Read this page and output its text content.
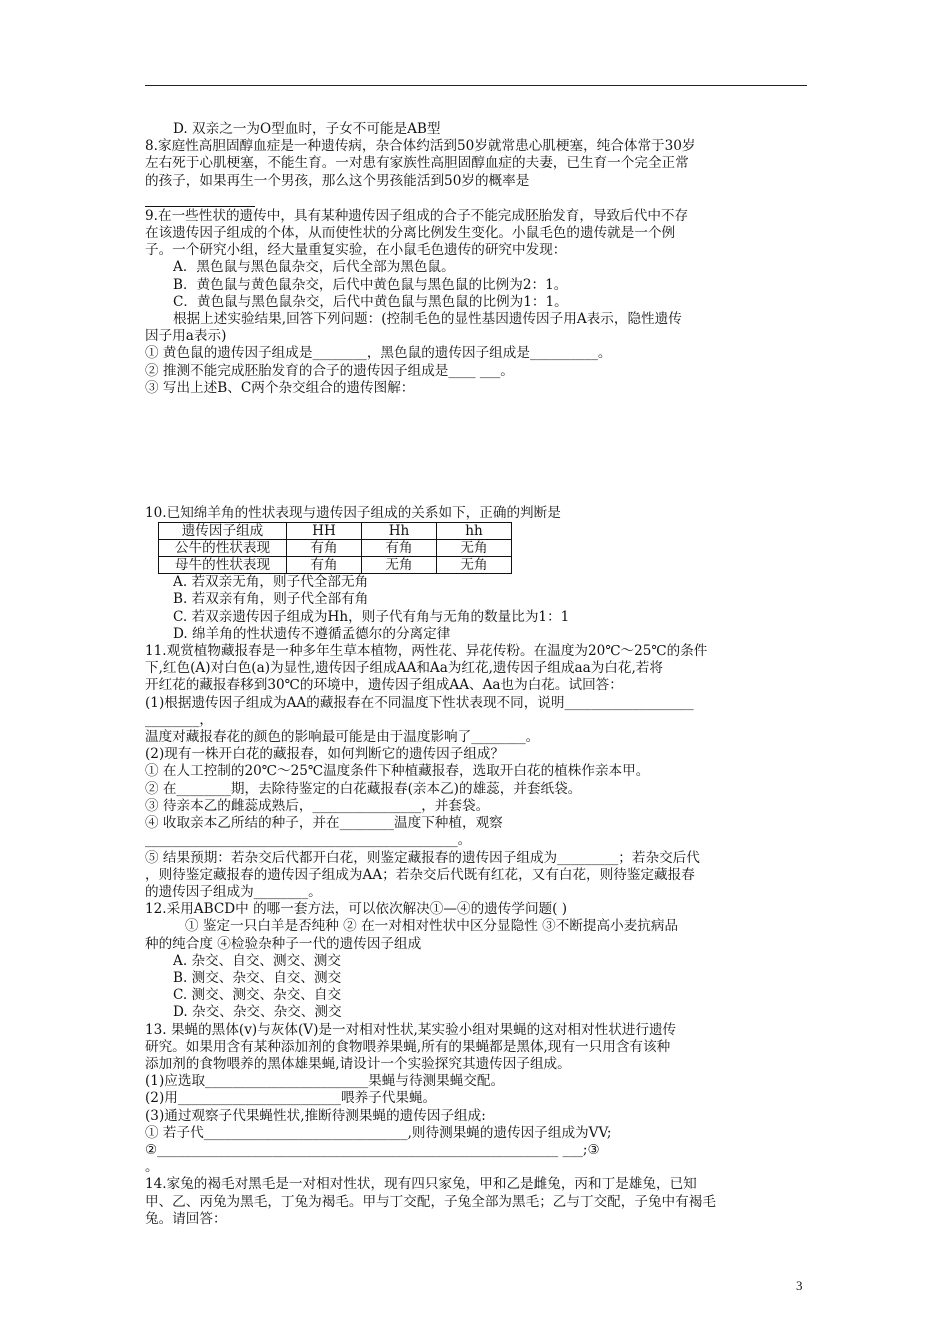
D. 双亲之一为O型血时，子女不可能是AB型
8.家庭性高胆固醇血症是一种遗传病，杂合体约活到50岁就常患心肌梗塞，纯合体常于30岁
左右死于心肌梗塞，不能生育。一对患有家族性高胆固醇血症的夫妻，已生育一个完全正常
的孩子，如果再生一个男孩，那么这个男孩能活到50岁的概率是
9.在一些性状的遗传中，具有某种遗传因子组成的合子不能完成胚胎发育，导致后代中不存
在该遗传因子组成的个体，从而使性状的分离比例发生变化。小鼠毛色的遗传就是一个例
子。一个研究小组，经大量重复实验，在小鼠毛色遗传的研究中发现：
A．黑色鼠与黑色鼠杂交，后代全部为黑色鼠。
B．黄色鼠与黄色鼠杂交，后代中黄色鼠与黑色鼠的比例为2：1。
C．黄色鼠与黑色鼠杂交，后代中黄色鼠与黑色鼠的比例为1：1。
根据上述实验结果,回答下列问题：(控制毛色的显性基因遗传因子用A表示，隐性遗传
因子用a表示)
① 黄色鼠的遗传因子组成是________，黑色鼠的遗传因子组成是__________。
② 推测不能完成胚胎发育的合子的遗传因子组成是____ ___。
③ 写出上述B、C两个杂交组合的遗传图解：
10.已知绵羊角的性状表现与遗传因子组成的关系如下，正确的判断是
遗传因子组成	HH	Hh	hh
公牛的性状表现	有角	有角	无角
母牛的性状表现	有角	无角	无角
A. 若双亲无角，则子代全部无角
B. 若双亲有角，则子代全部有角
C. 若双亲遗传因子组成为Hh，则子代有角与无角的数量比为1：1
D. 绵羊角的性状遗传不遵循孟德尔的分离定律
11.观赏植物藏报春是一种多年生草本植物，两性花、异花传粉。在温度为20℃～25℃的条件
下,红色(A)对白色(a)为显性,遗传因子组成AA和Aa为红花,遗传因子组成aa为白花,若将
开红花的藏报春移到30℃的环境中，遗传因子组成AA、Aa也为白花。试回答：
(1)根据遗传因子组成为AA的藏报春在不同温度下性状表现不同，说明___________________
________，
温度对藏报春花的颜色的影响最可能是由于温度影响了________。
(2)现有一株开白花的藏报春，如何判断它的遗传因子组成？
① 在人工控制的20℃～25℃温度条件下种植藏报春，选取开白花的植株作亲本甲。
② 在________期，去除待鉴定的白花藏报春(亲本乙)的雄蕊，并套纸袋。
③ 待亲本乙的雌蕊成熟后，________________，并套袋。
④ 收取亲本乙所结的种子，并在________温度下种植，观察
______________________________________________。
⑤ 结果预期：若杂交后代都开白花，则鉴定藏报春的遗传因子组成为_________；若杂交后代
，则待鉴定藏报春的遗传因子组成为AA；若杂交后代既有红花，又有白花，则待鉴定藏报春
的遗传因子组成为________。
12.采用ABCD中 的哪一套方法，可以依次解决①—④的遗传学问题( )
① 鉴定一只白羊是否纯种 ② 在一对相对性状中区分显隐性 ③不断提高小麦抗病品
种的纯合度 ④检验杂种子一代的遗传因子组成
A. 杂交、自交、测交、测交
B. 测交、杂交、自交、测交
C. 测交、测交、杂交、自交
D. 杂交、杂交、杂交、测交
13. 果蝇的黑体(v)与灰体(V)是一对相对性状,某实验小组对果蝇的这对相对性状进行遗传
研究。如果用含有某种添加剂的食物喂养果蝇,所有的果蝇都是黑体,现有一只用含有该种
添加剂的食物喂养的黑体雄果蝇,请设计一个实验探究其遗传因子组成。
(1)应选取________________________果蝇与待测果蝇交配。
(2)用________________________喂养子代果蝇。
(3)通过观察子代果蝇性状,推断待测果蝇的遗传因子组成:
① 若子代______________________________,则待测果蝇的遗传因子组成为VV;
②___________________________________________________________ ___;③
。
14.家兔的褐毛对黑毛是一对相对性状，现有四只家兔，甲和乙是雌兔，丙和丁是雄兔，已知
甲、乙、丙兔为黑毛，丁兔为褐毛。甲与丁交配，子兔全部为黑毛；乙与丁交配，子兔中有褐毛
兔。请回答：
3
